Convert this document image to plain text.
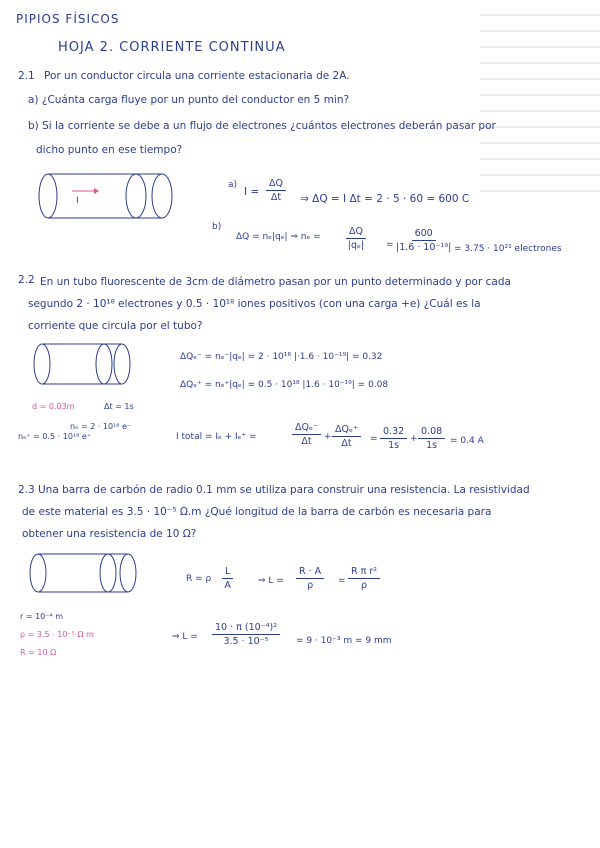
PIPIOS FÍSICOS
HOJA 2. CORRIENTE CONTINUA
2.1 Por un conductor circula una corriente estacionaria de 2A.
a) ¿Cuánta carga fluye por un punto del conductor en 5 min?
b) Si la corriente se debe a un flujo de electrones ¿cuántos electrones deberán pasar por
dicho punto en ese tiempo?
I
a)
$I = \frac{\Delta Q}{\Delta t}$ ⇒ ΔQ = I Δt = 2 · 5 · 60 = 600 C
b)
ΔQ = nₑ|qₑ| ⇒ nₑ =	$\frac{\Delta Q}{\text{|qₑ|}} = \frac{600}{\text{|1.6 · 10⁻¹⁹|}} = 3.75 \cdot 10^{21}$ electrones
2.2 En un tubo fluorescente de 3cm de diámetro pasan por un punto determinado y por cada
segundo 2 · 10¹⁸ electrones y 0.5 · 10¹⁸ iones positivos (con una carga +e) ¿Cuál es la
corriente que circula por el tubo?
ΔQₑ⁻ = nₑ⁻|qₑ| = 2 · 10¹⁸ |·1.6 · 10⁻¹⁹| = 0.32
ΔQₑ⁺ = nₑ⁺|qₑ| = 0.5 · 10¹⁸ |1.6 · 10⁻¹⁹| = 0.08
d = 0.03m	Δt = 1s
nₑ = 2 · 10¹⁸ e⁻
nₑ⁺ = 0.5 · 10¹⁸ e⁺	I total = Iₑ + Iₑ⁺ =
ΔQₑ⁻
Δt +
ΔQₑ⁺
$\Delta t = \frac{0.32}{1s} + \frac{0.08}{1s} = 0.4$ A
2.3 Una barra de carbón de radio 0.1 mm se utiliza para construir una resistencia. La resistividad
de este material es 3.5 · 10⁻⁵ Ω.m ¿Qué longitud de la barra de carbón es necesaria para
obtener una resistencia de 10 Ω?
R = ρ $\frac{L}{A}$	⇒ $L = \frac{R \cdot A}{\rho} = \frac{\text{R π r²}}{\rho}$
r = 10⁻⁴ m
ρ = 3.5 · 10⁻⁵ Ω m
R = 10 Ω
⇒ $L = \frac{\text{10 · π (10⁻⁴)²}}{\text{3.5 · 10⁻⁵}} = 9 \cdot 10^{-3}$ m = 9 mm
